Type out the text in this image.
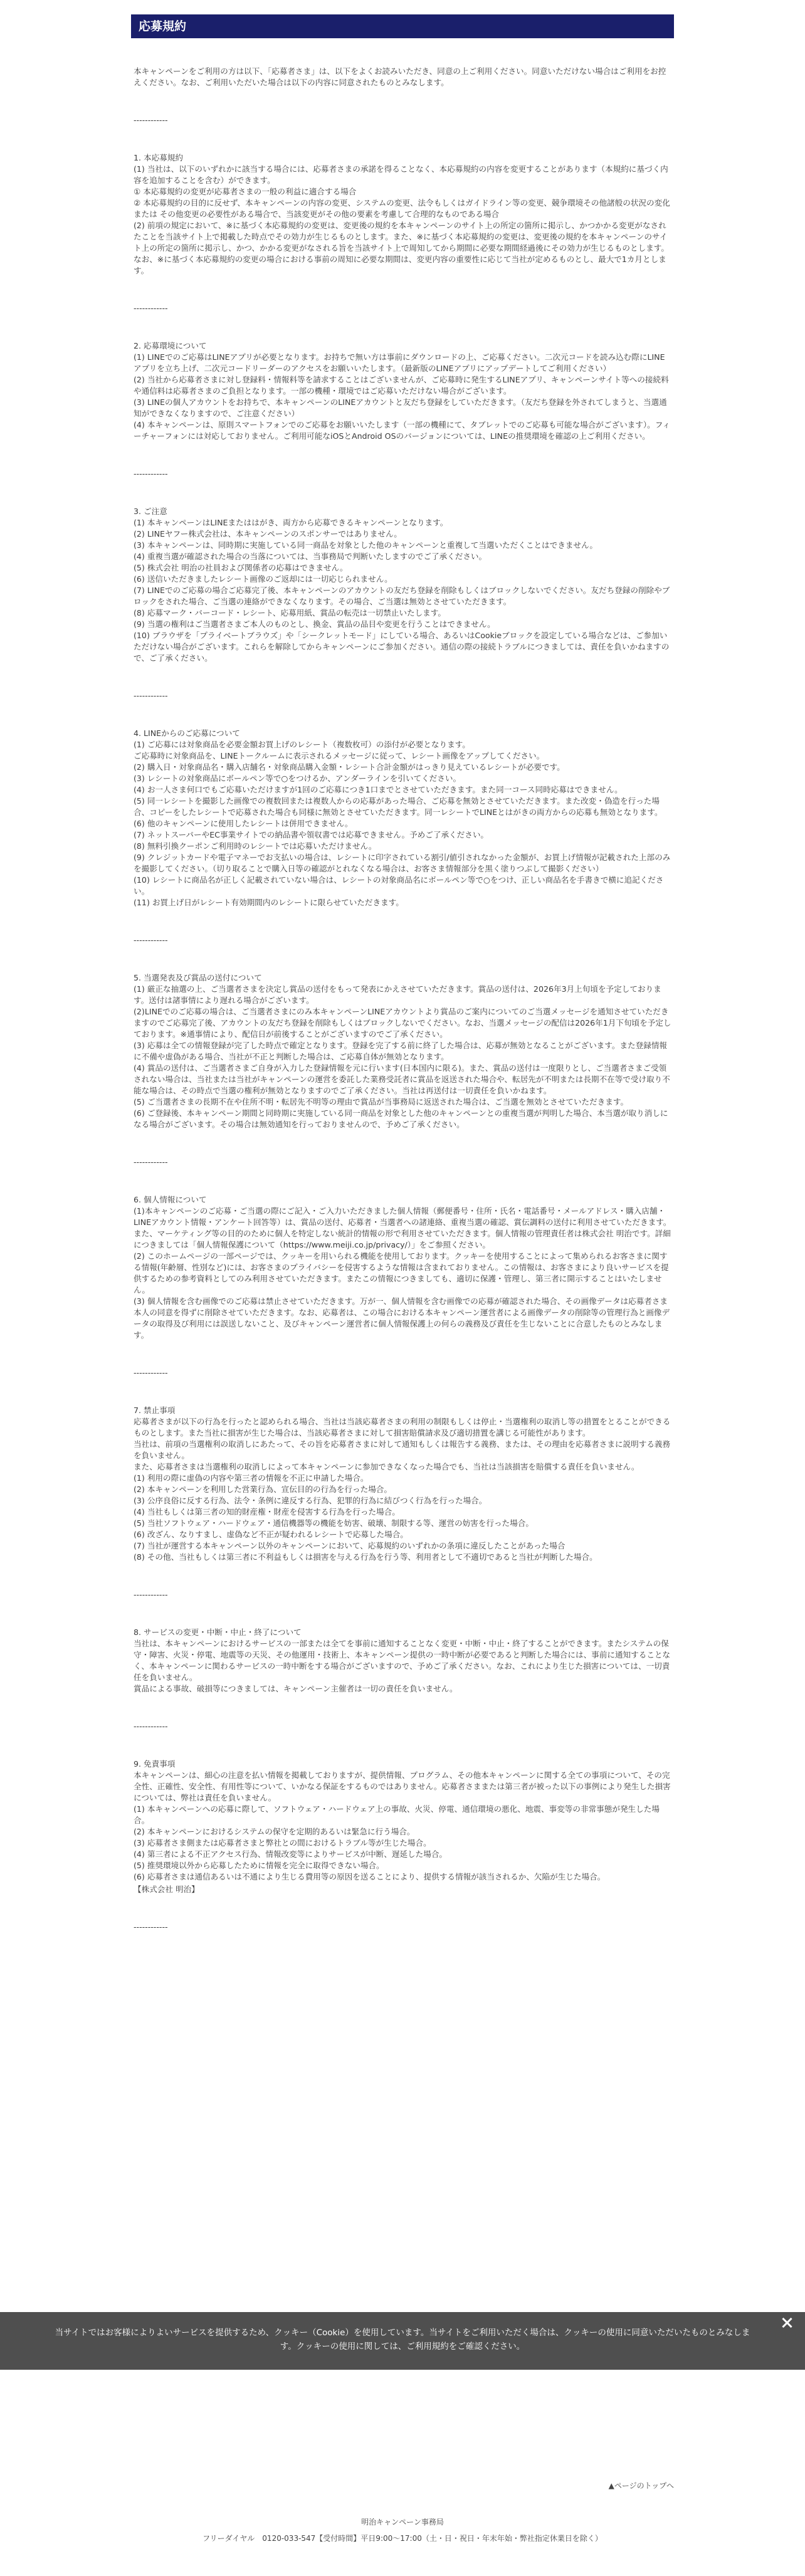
応募規約

本キャンペーンをご利用の方は以下、「応募者さま」は、以下をよくお読みいただき、同意の上ご利用ください。同意いただけない場合はご利用をお控えください。なお、ご利用いただいた場合は以下の内容に同意されたものとみなします。

------------

1. 本応募規約

(1) 当社は、以下のいずれかに該当する場合には、応募者さまの承諾を得ることなく、本応募規約の内容を変更することがあります（本規約に基づく内容を追加することを含む）ができます。

① 本応募規約の変更が応募者さまの一般の利益に適合する場合

② 本応募規約の目的に反せず、本キャンペーンの内容の変更、システムの変更、法令もしくはガイドライン等の変更、競争環境その他諸般の状況の変化または その他変更の必要性がある場合で、当該変更がその他の要素を考慮して合理的なものである場合

(2) 前項の規定において、※に基づく本応募規約の変更は、変更後の規約を本キャンペーンのサイト上の所定の箇所に掲示し、かつかかる変更がなされたことを当該サイト上で掲載した時点でその効力が生じるものとします。また、※に基づく本応募規約の変更は、変更後の規約を本キャンペーンのサイト上の所定の箇所に掲示し、かつ、かかる変更がなされる旨を当該サイト上で周知してから期間に必要な期間経過後にその効力が生じるものとします。なお、※に基づく本応募規約の変更の場合における事前の周知に必要な期間は、変更内容の重要性に応じて当社が定めるものとし、最大で1カ月とします。

------------

2. 応募環境について

(1) LINEでのご応募はLINEアプリが必要となります。お持ちで無い方は事前にダウンロードの上、ご応募ください。二次元コードを読み込む際にLINEアプリを立ち上げ、二次元コードリーダーのアクセスをお願いいたします。（最新版のLINEアプリにアップデートしてご利用ください）

(2) 当社から応募者さまに対し登録料・情報料等を請求することはございませんが、ご応募時に発生するLINEアプリ、キャンペーンサイト等への接続料や通信料は応募者さまのご負担となります。一部の機種・環境ではご応募いただけない場合がございます。

(3) LINEの個人アカウントをお持ちで、本キャンペーンのLINEアカウントと友だち登録をしていただきます。（友だち登録を外されてしまうと、当選通知ができなくなりますので、ご注意ください）

(4) 本キャンペーンは、原則スマートフォンでのご応募をお願いいたします（一部の機種にて、タブレットでのご応募も可能な場合がございます）。フィーチャーフォンには対応しておりません。ご利用可能なiOSとAndroid OSのバージョンについては、LINEの推奨環境を確認の上ご利用ください。

------------

3. ご注意

(1) 本キャンペーンはLINEまたははがき、両方から応募できるキャンペーンとなります。

(2) LINEヤフー株式会社は、本キャンペーンのスポンサーではありません。

(3) 本キャンペーンは、同時期に実施している同一商品を対象とした他のキャンペーンと重複して当選いただくことはできません。

(4) 重複当選が確認された場合の当落については、当事務局で判断いたしますのでご了承ください。

(5) 株式会社 明治の社員および関係者の応募はできません。

(6) 送信いただきましたレシート画像のご返却には一切応じられません。

(7) LINEでのご応募の場合ご応募完了後、本キャンペーンのアカウントの友だち登録を削除もしくはブロックしないでください。友だち登録の削除やブロックをされた場合、ご当選の連絡ができなくなります。その場合、ご当選は無効とさせていただきます。

(8) 応募マーク・バーコード・レシート、応募用紙、賞品の転売は一切禁止いたします。

(9) 当選の権利はご当選者さまご本人のものとし、換金、賞品の品目や変更を行うことはできません。

(10) ブラウザを「プライベートブラウズ」や「シークレットモード」にしている場合、あるいはCookieブロックを設定している場合などは、ご参加いただけない場合がございます。これらを解除してからキャンペーンにご参加ください。通信の際の接続トラブルにつきましては、責任を負いかねますので、ご了承ください。

------------

4. LINEからのご応募について

(1) ご応募には対象商品を必要金額お買上げのレシート（複数枚可）の添付が必要となります。

ご応募時に対象商品を、LINEトークルームに表示されるメッセージに従って、レシート画像をアップしてください。

(2) 購入日・対象商品名・購入店舗名・対象商品購入金額・レシート合計金額がはっきり見えているレシートが必要です。

(3) レシートの対象商品にボールペン等で○をつけるか、アンダーラインを引いてください。

(4) お一人さま何口でもご応募いただけますが1回のご応募につき1口までとさせていただきます。また同一コース同時応募はできません。

(5) 同一レシートを撮影した画像での複数回または複数人からの応募があった場合、ご応募を無効とさせていただきます。また改変・偽造を行った場合、コピーをしたレシートで応募された場合も同様に無効とさせていただきます。同一レシートでLINEとはがきの両方からの応募も無効となります。

(6) 他のキャンペーンに使用したレシートは併用できません。

(7) ネットスーパーやEC事業サイトでの納品書や領収書では応募できません。予めご了承ください。

(8) 無料引換クーポンご利用時のレシートでは応募いただけません。

(9) クレジットカードや電子マネーでお支払いの場合は、レシートに印字されている割引/値引されなかった金額が、お買上げ情報が記載された上部のみを撮影してください。（切り取ることで購入日等の確認がとれなくなる場合は、お客さま情報部分を黒く塗りつぶして撮影ください）

(10) レシートに商品名が正しく記載されていない場合は、レシートの対象商品名にボールペン等で○をつけ、正しい商品名を手書きで横に追記ください。

(11) お買上げ日がレシート有効期間内のレシートに限らせていただきます。

------------

5. 当選発表及び賞品の送付について

(1) 厳正な抽選の上、ご当選者さまを決定し賞品の送付をもって発表にかえさせていただきます。賞品の送付は、2026年3月上旬頃を予定しております。送付は諸事情により遅れる場合がございます。

(2)LINEでのご応募の場合は、ご当選者さまにのみ本キャンペーンLINEアカウントより賞品のご案内についてのご当選メッセージを通知させていただきますのでご応募完了後、アカウントの友だち登録を削除もしくはブロックしないでください。なお、当選メッセージの配信は2026年1月下旬頃を予定しております。※通事情により、配信日が前後することがございますのでご了承ください。

(3) 応募は全ての情報登録が完了した時点で確定となります。登録を完了する前に終了した場合は、応募が無効となることがございます。また登録情報に不備や虚偽がある場合、当社が不正と判断した場合は、ご応募自体が無効となります。

(4) 賞品の送付は、ご当選者さまご自身が入力した登録情報を元に行います(日本国内に限る)。また、賞品の送付は一度限りとし、ご当選者さまご受領されない場合は、当社または当社がキャンペーンの運営を委託した業務受託者に賞品を返送された場合や、転居先が不明または長期不在等で受け取り不能な場合は、その時点で当選の権利が無効となりますのでご了承ください。当社は再送付は一切責任を負いかねます。

(5) ご当選者さまの長期不在や住所不明・転居先不明等の理由で賞品が当事務局に返送された場合は、ご当選を無効とさせていただきます。

(6) ご登録後、本キャンペーン期間と同時期に実施している同一商品を対象とした他のキャンペーンとの重複当選が判明した場合、本当選が取り消しになる場合がございます。その場合は無効通知を行っておりませんので、予めご了承ください。

------------

6. 個人情報について

(1)本キャンペーンのご応募・ご当選の際にご記入・ご入力いただきました個人情報（郵便番号・住所・氏名・電話番号・メールアドレス・購入店舗・LINEアカウント情報・アンケート回答等）は、賞品の送付、応募者・当選者への諸連絡、重複当選の確認、賞伝調料の送付に利用させていただきます。また、マーケティング等の目的のために個人を特定しない統計的情報の形で利用させていただきます。個人情報の管理責任者は株式会社 明治です。詳細につきましては「個人情報保護について（https://www.meiji.co.jp/privacy/）」をご参照ください。

(2) このホームページの一部ページでは、クッキーを用いられる機能を使用しております。クッキーを使用することによって集められるお客さまに関する情報(年齢層、性別など)には、お客さまのプライバシーを侵害するような情報は含まれておりません。この情報は、お客さまにより良いサービスを提供するための参考資料としてのみ利用させていただきます。またこの情報につきましても、適切に保護・管理し、第三者に開示することはいたしません。

(3) 個人情報を含む画像でのご応募は禁止させていただきます。万が一、個人情報を含む画像での応募が確認された場合、その画像データは応募者さま本人の同意を得ずに削除させていただきます。なお、応募者は、この場合における本キャンペーン運営者による画像データの削除等の管理行為と画像データの取得及び利用には誤送しないこと、及びキャンペーン運営者に個人情報保護上の何らの義務及び責任を生じないことに合意したものとみなします。

------------

7. 禁止事項

応募者さまが以下の行為を行ったと認められる場合、当社は当該応募者さまの利用の制限もしくは停止・当選権利の取消し等の措置をとることができるものとします。また当社に損害が生じた場合は、当該応募者さまに対して損害賠償請求及び適切措置を講じる可能性があります。

当社は、前項の当選権利の取消しにあたって、その旨を応募者さまに対して通知もしくは報告する義務、または、その理由を応募者さまに説明する義務を負いません。

また、応募者さまは当選権利の取消しによって本キャンペーンに参加できなくなった場合でも、当社は当該損害を賠償する責任を負いません。

(1) 利用の際に虚偽の内容や第三者の情報を不正に申請した場合。

(2) 本キャンペーンを利用した営業行為、宣伝目的の行為を行った場合。

(3) 公序良俗に反する行為、法令・条例に違反する行為、犯罪的行為に結びつく行為を行った場合。

(4) 当社もしくは第三者の知的財産権・財産を侵害する行為を行った場合。

(5) 当社ソフトウェア・ハードウェア・通信機器等の機能を妨害、破壊、制限する等、運営の妨害を行った場合。

(6) 改ざん、なりすまし、虚偽など不正が疑われるレシートで応募した場合。

(7) 当社が運営する本キャンペーン以外のキャンペーンにおいて、応募規約のいずれかの条項に違反したことがあった場合

(8) その他、当社もしくは第三者に不利益もしくは損害を与える行為を行う等、利用者として不適切であると当社が判断した場合。

------------

8. サービスの変更・中断・中止・終了について

当社は、本キャンペーンにおけるサービスの一部または全てを事前に通知することなく変更・中断・中止・終了することができます。またシステムの保守・障害、火災・停電、地震等の天災、その他運用・技術上、本キャンペーン提供の一時中断が必要であると判断した場合には、事前に通知することなく、本キャンペーンに関わるサービスの一時中断をする場合がございますので、予めご了承ください。なお、これにより生じた損害については、一切責任を負いません。

賞品による事故、破損等につきましては、キャンペーン主催者は一切の責任を負いません。

------------

9. 免責事項

本キャンペーンは、細心の注意を払い情報を掲載しておりますが、提供情報、プログラム、その他本キャンペーンに関する全ての事項について、その完全性、正確性、安全性、有用性等について、いかなる保証をするものではありません。応募者さままたは第三者が被った以下の事例により発生した損害については、弊社は責任を負いません。

(1) 本キャンペーンへの応募に際して、ソフトウェア・ハードウェア上の事故、火災、停電、通信環境の悪化、地震、事変等の非常事態が発生した場合。

(2) 本キャンペーンにおけるシステムの保守を定期的あるいは緊急に行う場合。

(3) 応募者さま側または応募者さまと弊社との間におけるトラブル等が生じた場合。

(4) 第三者による不正アクセス行為、情報改変等によりサービスが中断、遅延した場合。

(5) 推奨環境以外から応募したために情報を完全に取得できない場合。

(6) 応募者さまは通信あるいは不通により生じる費用等の原因を送ることにより、提供する情報が該当されるか、欠陥が生じた場合。

【株式会社 明治】

------------

▲ページのトップへ
明治キャンペーン事務局
フリーダイヤル　0120-033-547【受付時間】平日9:00〜17:00（土・日・祝日・年末年始・弊社指定休業日を除く）
当サイトではお客様によりよいサービスを提供するため、クッキー（Cookie）を使用しています。当サイトをご利用いただく場合は、クッキーの使用に同意いただいたものとみなします。クッキーの使用に関しては、ご利用規約をご確認ください。
